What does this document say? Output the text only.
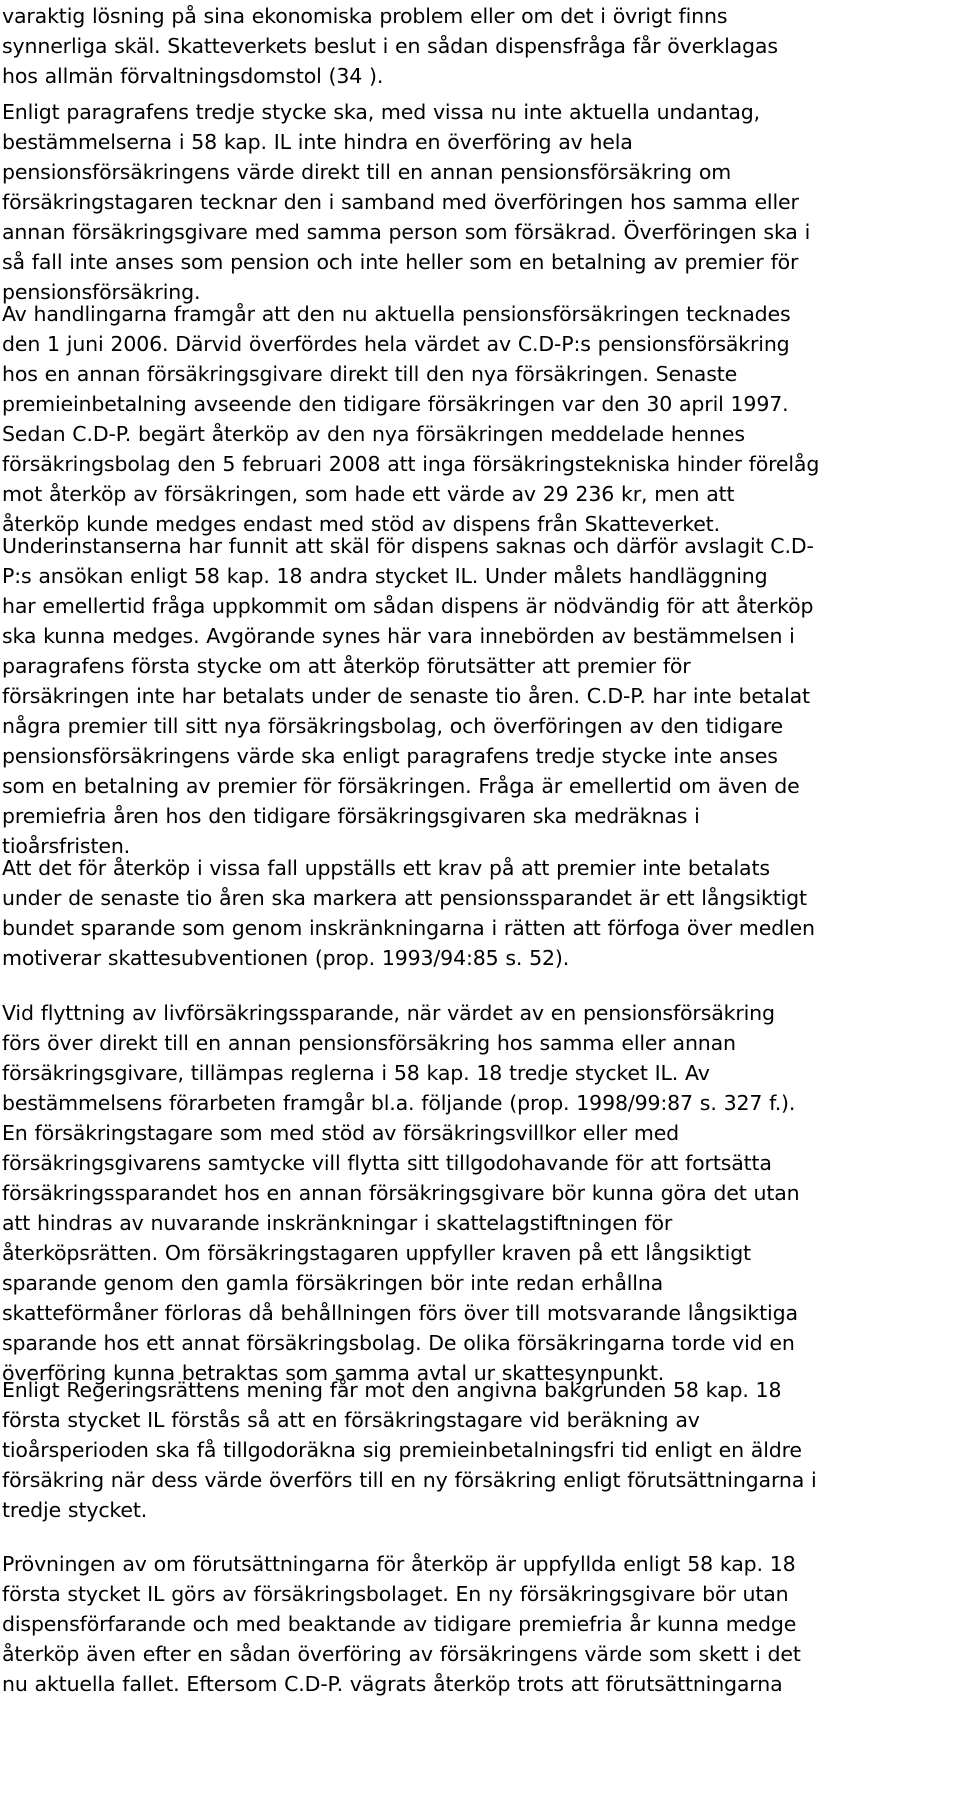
varaktig lösning på sina ekonomiska problem eller om det i övrigt finns
synnerliga skäl. Skatteverkets beslut i en sådan dispensfråga får överklagas
hos allmän förvaltningsdomstol (34 ).
Enligt paragrafens tredje stycke ska, med vissa nu inte aktuella undantag,
bestämmelserna i 58 kap. IL inte hindra en överföring av hela
pensionsförsäkringens värde direkt till en annan pensionsförsäkring om
försäkringstagaren tecknar den i samband med överföringen hos samma eller
annan försäkringsgivare med samma person som försäkrad. Överföringen ska i
så fall inte anses som pension och inte heller som en betalning av premier för
pensionsförsäkring.
Av handlingarna framgår att den nu aktuella pensionsförsäkringen tecknades
den 1 juni 2006. Därvid överfördes hela värdet av C.D-P:s pensionsförsäkring
hos en annan försäkringsgivare direkt till den nya försäkringen. Senaste
premieinbetalning avseende den tidigare försäkringen var den 30 april 1997.
Sedan C.D-P. begärt återköp av den nya försäkringen meddelade hennes
försäkringsbolag den 5 februari 2008 att inga försäkringstekniska hinder förelåg
mot återköp av försäkringen, som hade ett värde av 29 236 kr, men att
återköp kunde medges endast med stöd av dispens från Skatteverket.
Underinstanserna har funnit att skäl för dispens saknas och därför avslagit C.D-
P:s ansökan enligt 58 kap. 18 andra stycket IL. Under målets handläggning
har emellertid fråga uppkommit om sådan dispens är nödvändig för att återköp
ska kunna medges. Avgörande synes här vara innebörden av bestämmelsen i
paragrafens första stycke om att återköp förutsätter att premier för
försäkringen inte har betalats under de senaste tio åren. C.D-P. har inte betalat
några premier till sitt nya försäkringsbolag, och överföringen av den tidigare
pensionsförsäkringens värde ska enligt paragrafens tredje stycke inte anses
som en betalning av premier för försäkringen. Fråga är emellertid om även de
premiefria åren hos den tidigare försäkringsgivaren ska medräknas i
tioårsfristen.
Att det för återköp i vissa fall uppställs ett krav på att premier inte betalats
under de senaste tio åren ska markera att pensionssparandet är ett långsiktigt
bundet sparande som genom inskränkningarna i rätten att förfoga över medlen
motiverar skattesubventionen (prop. 1993/94:85 s. 52).
Vid flyttning av livförsäkringssparande, när värdet av en pensionsförsäkring
förs över direkt till en annan pensionsförsäkring hos samma eller annan
försäkringsgivare, tillämpas reglerna i 58 kap. 18 tredje stycket IL. Av
bestämmelsens förarbeten framgår bl.a. följande (prop. 1998/99:87 s. 327 f.).
En försäkringstagare som med stöd av försäkringsvillkor eller med
försäkringsgivarens samtycke vill flytta sitt tillgodohavande för att fortsätta
försäkringssparandet hos en annan försäkringsgivare bör kunna göra det utan
att hindras av nuvarande inskränkningar i skattelagstiftningen för
återköpsrätten. Om försäkringstagaren uppfyller kraven på ett långsiktigt
sparande genom den gamla försäkringen bör inte redan erhållna
skatteförmåner förloras då behållningen förs över till motsvarande långsiktiga
sparande hos ett annat försäkringsbolag. De olika försäkringarna torde vid en
överföring kunna betraktas som samma avtal ur skattesynpunkt.
Enligt Regeringsrättens mening får mot den angivna bakgrunden 58 kap. 18
första stycket IL förstås så att en försäkringstagare vid beräkning av
tioårsperioden ska få tillgodoräkna sig premieinbetalningsfri tid enligt en äldre
försäkring när dess värde överförs till en ny försäkring enligt förutsättningarna i
tredje stycket.
Prövningen av om förutsättningarna för återköp är uppfyllda enligt 58 kap. 18
första stycket IL görs av försäkringsbolaget. En ny försäkringsgivare bör utan
dispensförfarande och med beaktande av tidigare premiefria år kunna medge
återköp även efter en sådan överföring av försäkringens värde som skett i det
nu aktuella fallet. Eftersom C.D-P. vägrats återköp trots att förutsättningarna
